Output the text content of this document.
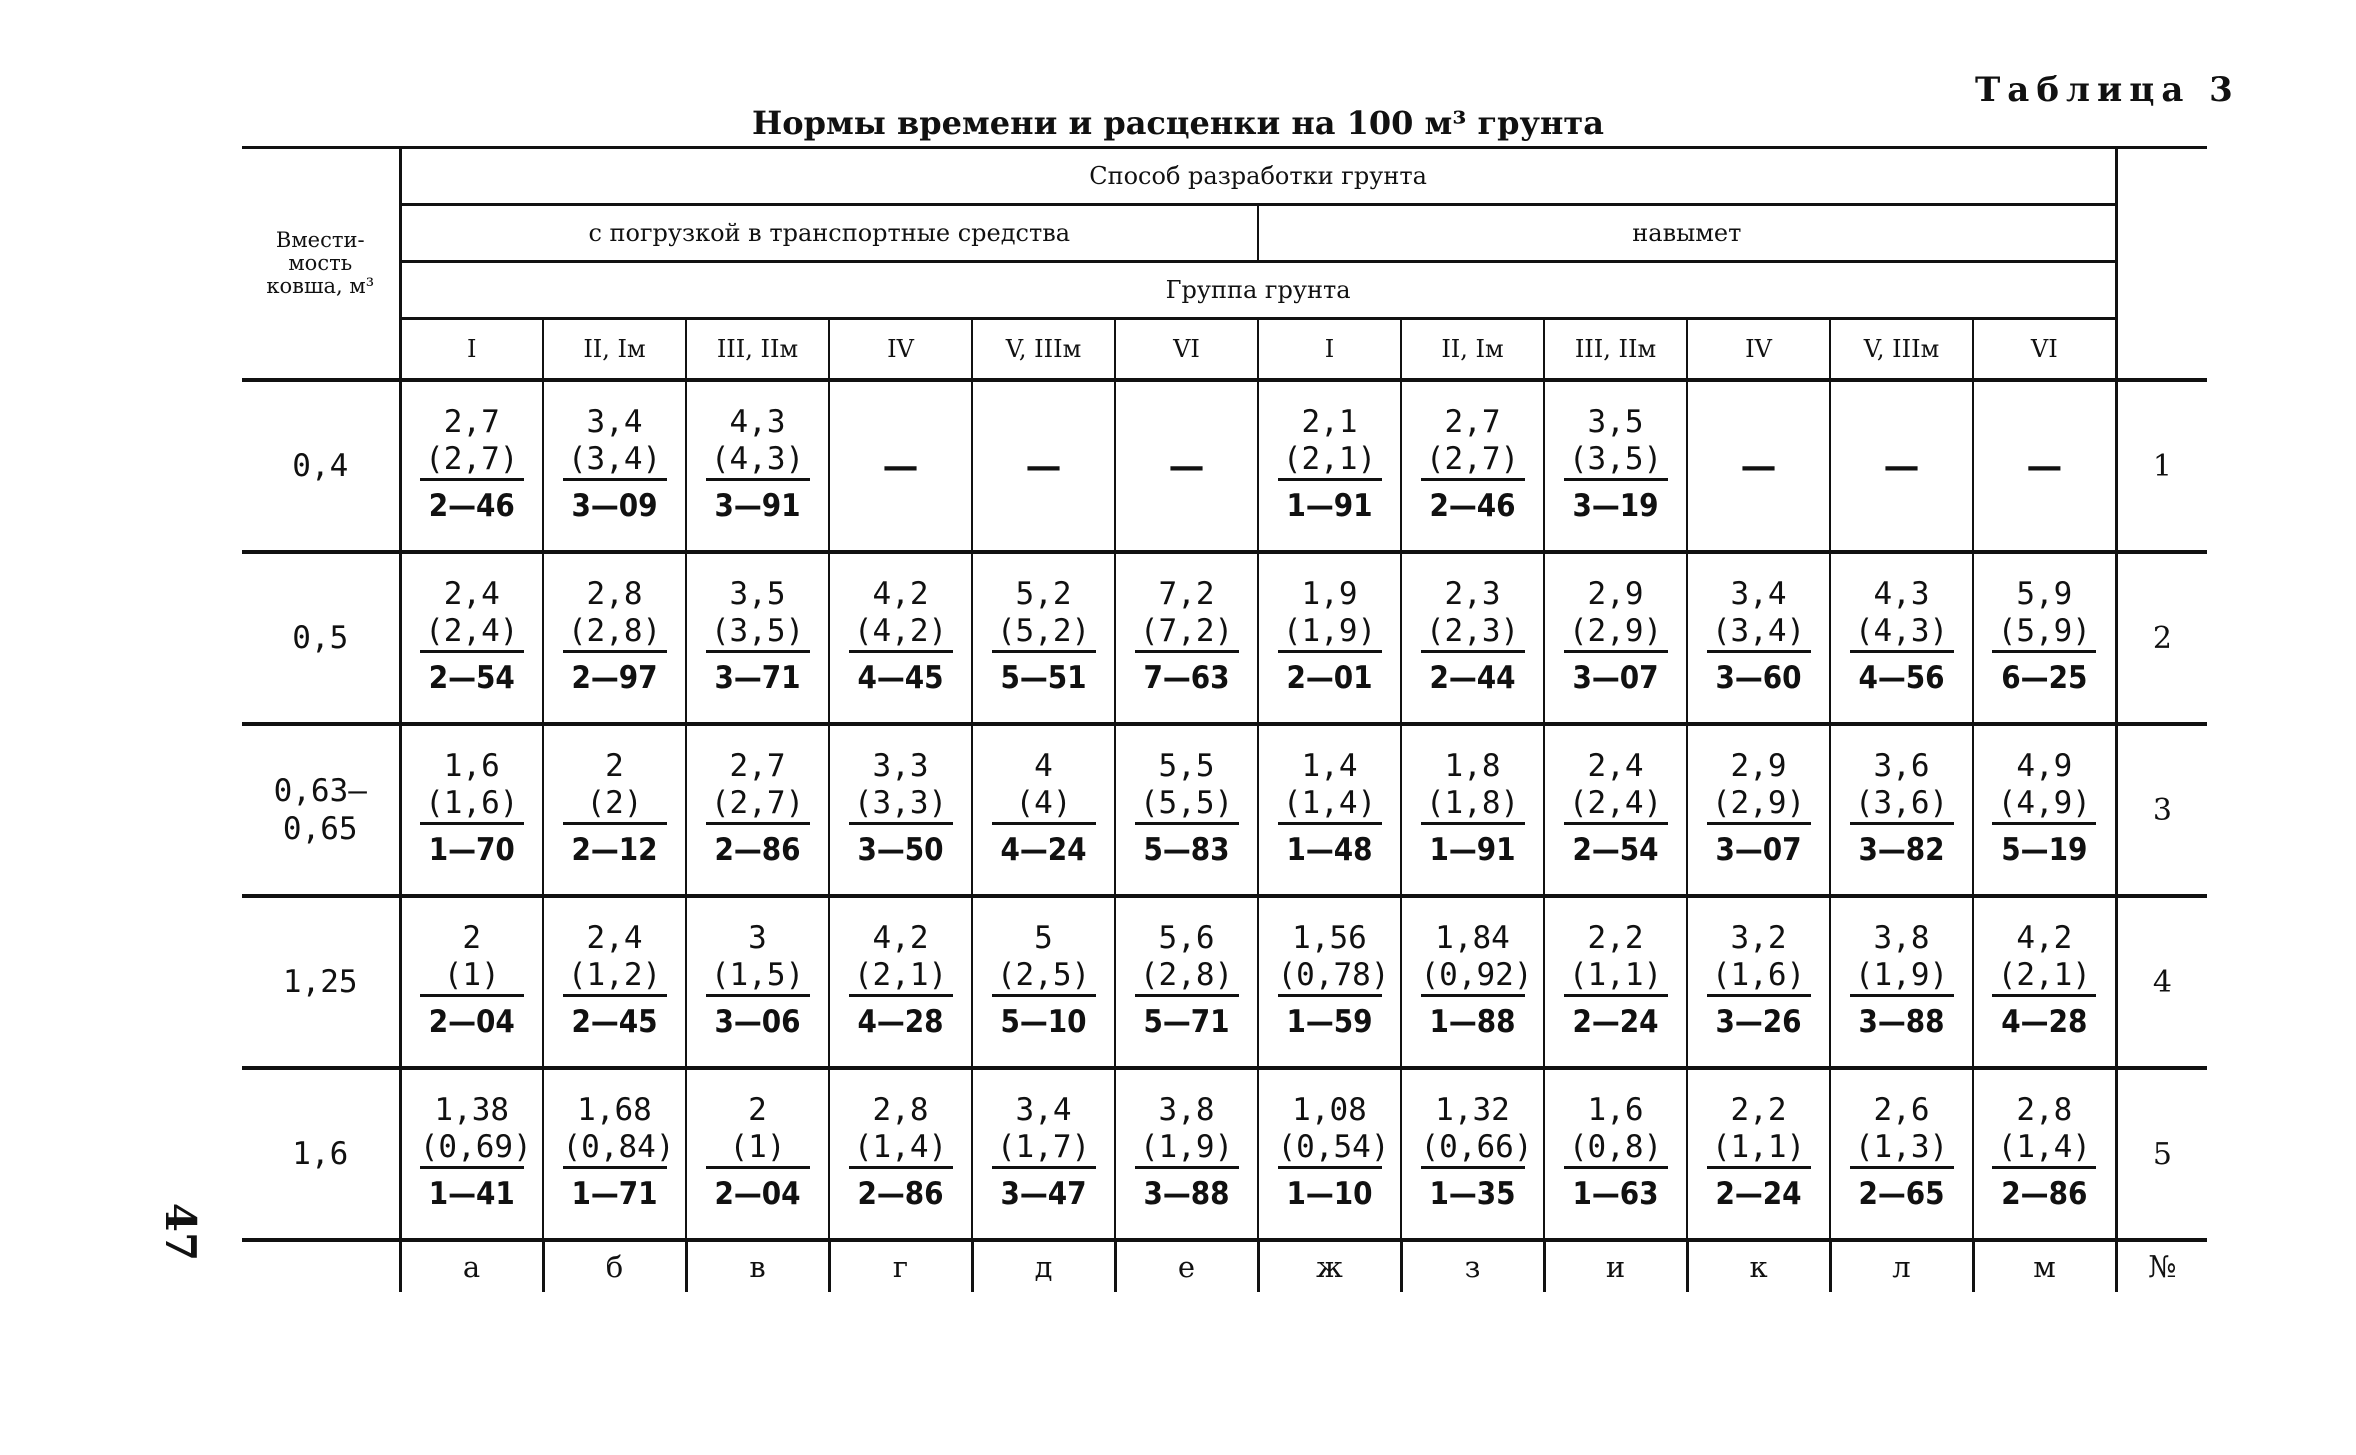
Таблица 3
Нормы времени и расценки на 100 м³ грунта
47
Вмести-
мость
ковша, м³	Способ разработки грунта												
	с погрузкой в транспортные средства						навымет						
	Группа грунта												
	I	II, Iм	III, IIм	IV	V, IIIм	VI	I	II, Iм	III, IIм	IV	V, IIIм	VI	
0,4	2,7
(2,7)
2—46	3,4
(3,4)
3—09	4,3
(4,3)
3—91	—	—	—	2,1
(2,1)
1—91	2,7
(2,7)
2—46	3,5
(3,5)
3—19	—	—	—	1
0,5	2,4
(2,4)
2—54	2,8
(2,8)
2—97	3,5
(3,5)
3—71	4,2
(4,2)
4—45	5,2
(5,2)
5—51	7,2
(7,2)
7—63	1,9
(1,9)
2—01	2,3
(2,3)
2—44	2,9
(2,9)
3—07	3,4
(3,4)
3—60	4,3
(4,3)
4—56	5,9
(5,9)
6—25	2
0,63—
0,65	1,6
(1,6)
1—70	2
(2)
2—12	2,7
(2,7)
2—86	3,3
(3,3)
3—50	4
(4)
4—24	5,5
(5,5)
5—83	1,4
(1,4)
1—48	1,8
(1,8)
1—91	2,4
(2,4)
2—54	2,9
(2,9)
3—07	3,6
(3,6)
3—82	4,9
(4,9)
5—19	3
1,25	2
(1)
2—04	2,4
(1,2)
2—45	3
(1,5)
3—06	4,2
(2,1)
4—28	5
(2,5)
5—10	5,6
(2,8)
5—71	1,56
(0,78)
1—59	1,84
(0,92)
1—88	2,2
(1,1)
2—24	3,2
(1,6)
3—26	3,8
(1,9)
3—88	4,2
(2,1)
4—28	4
1,6	1,38
(0,69)
1—41	1,68
(0,84)
1—71	2
(1)
2—04	2,8
(1,4)
2—86	3,4
(1,7)
3—47	3,8
(1,9)
3—88	1,08
(0,54)
1—10	1,32
(0,66)
1—35	1,6
(0,8)
1—63	2,2
(1,1)
2—24	2,6
(1,3)
2—65	2,8
(1,4)
2—86	5
	а	б	в	г	д	е	ж	з	и	к	л	м	№
